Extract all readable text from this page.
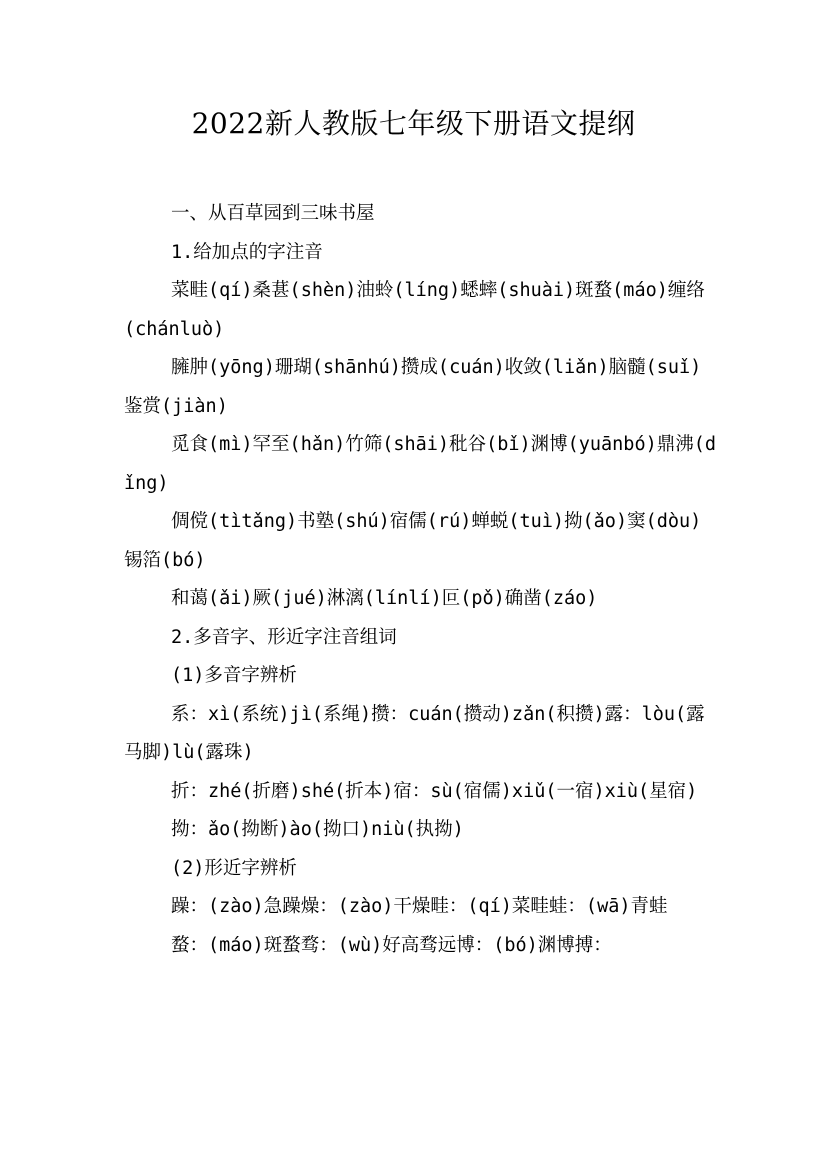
2022新人教版七年级下册语文提纲

一、从百草园到三味书屋

1.给加点的字注音

菜畦(qí)桑葚(shèn)油蛉(líng)蟋蟀(shuài)斑蝥(máo)缠络(chánluò)

臃肿(yōng)珊瑚(shānhú)攒成(cuán)收敛(liǎn)脑髓(suǐ)鉴赏(jiàn)

觅食(mì)罕至(hǎn)竹筛(shāi)秕谷(bǐ)渊博(yuānbó)鼎沸(dǐng)

倜傥(tìtǎng)书塾(shú)宿儒(rú)蝉蜕(tuì)拗(ǎo)窦(dòu)锡箔(bó)

和蔼(ǎi)厥(jué)淋漓(línlí)叵(pǒ)确凿(záo)

2.多音字、形近字注音组词

(1)多音字辨析

系：xì(系统)jì(系绳)攒：cuán(攒动)zǎn(积攒)露：lòu(露马脚)lù(露珠)

折：zhé(折磨)shé(折本)宿：sù(宿儒)xiǔ(一宿)xiù(星宿)

拗：ǎo(拗断)ào(拗口)niù(执拗)

(2)形近字辨析

躁：(zào)急躁燥：(zào)干燥畦：(qí)菜畦蛙：(wā)青蛙

蝥：(máo)斑蝥骛：(wù)好高骛远博：(bó)渊博搏：
